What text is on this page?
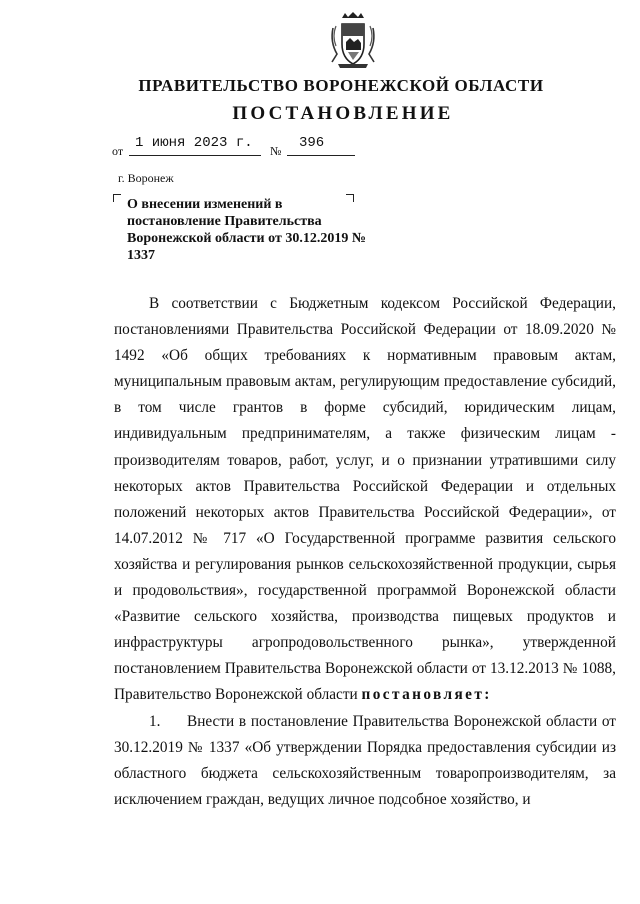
ПРАВИТЕЛЬСТВО ВОРОНЕЖСКОЙ ОБЛАСТИ
ПОСТАНОВЛЕНИЕ
от 1 июня 2023 г. № 396
г. Воронеж
О внесении изменений в постановление Правительства Воронежской области от 30.12.2019 № 1337

В соответствии с Бюджетным кодексом Российской Федерации, постановлениями Правительства Российской Федерации от 18.09.2020 № 1492 «Об общих требованиях к нормативным правовым актам, муниципальным правовым актам, регулирующим предоставление субсидий, в том числе грантов в форме субсидий, юридическим лицам, индивидуальным предпринимателям, а также физическим лицам - производителям товаров, работ, услуг, и о признании утратившими силу некоторых актов Правительства Российской Федерации и отдельных положений некоторых актов Правительства Российской Федерации», от 14.07.2012 № 717 «О Государственной программе развития сельского хозяйства и регулирования рынков сельскохозяйственной продукции, сырья и продовольствия», государственной программой Воронежской области «Развитие сельского хозяйства, производства пищевых продуктов и инфраструктуры агропродовольственного рынка», утвержденной постановлением Правительства Воронежской области от 13.12.2013 № 1088, Правительство Воронежской области постановляет:

1. Внести в постановление Правительства Воронежской области от 30.12.2019 № 1337 «Об утверждении Порядка предоставления субсидии из областного бюджета сельскохозяйственным товаропроизводителям, за исключением граждан, ведущих личное подсобное хозяйство, и
